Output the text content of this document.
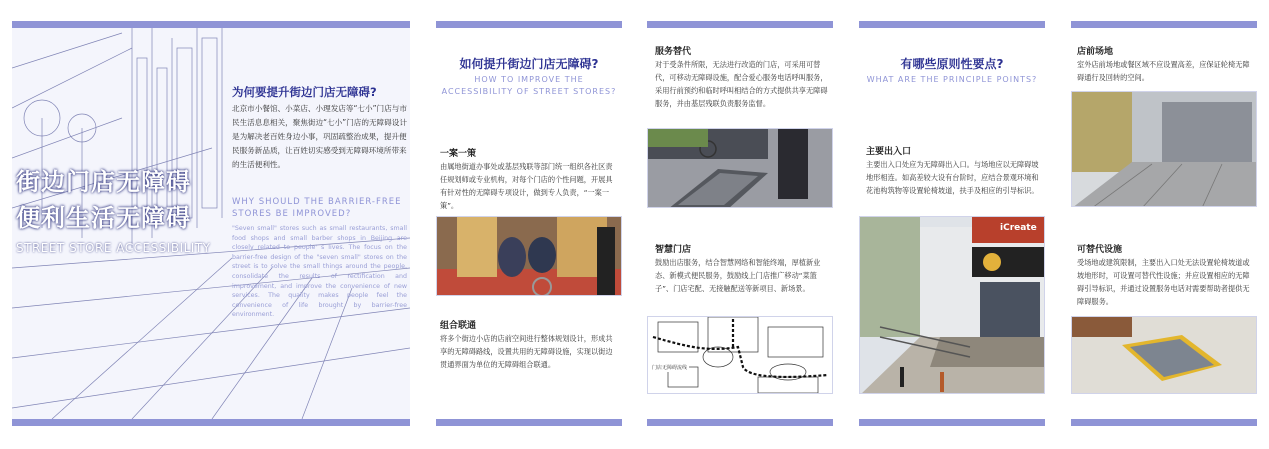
街边门店无障碍
便利生活无障碍
STREET STORE ACCESSIBILITY
为何要提升街边门店无障碍?
北京市小餐馆、小菜店、小理发店等“七小”门店与市民生活息息相关，聚焦街边“七小”门店的无障碍设计是为解决老百姓身边小事，巩固疏整治成果，提升便民服务新品质，让百姓切实感受到无障碍环境所带来的生活便利性。
WHY SHOULD THE BARRIER-FREE STORES BE IMPROVED?
"Seven small" stores such as small restaurants, small food shops and small barber shops in Beijing are closely related to people' s lives. The focus on the barrier-free design of the "seven small" stores on the street is to solve the small things around the people, consolidate the results of rectification and improvement, and improve the convenience of new services. The quality makes people feel the convenience of life brought by barrier-free environment.
如何提升街边门店无障碍?
HOW TO IMPROVE THE ACCESSIBILITY OF STREET STORES?
一案一策
由属地街道办事处或基层残联等部门统一组织各社区责任规划师或专业机构，对每个门店的个性问题，开展具有针对性的无障碍专项设计，做到专人负责，“一案一策”。
组合联通
将多个街边小店的店前空间进行整体规划设计，形成共享的无障碍路线，设置共用的无障碍设施，实现以街边贯通界面为单位的无障碍组合联通。
服务替代
对于受条件所限，无法进行改造的门店，可采用可替代，可移动无障碍设施，配合爱心服务电话呼叫服务，采用行前预约和临时呼叫相结合的方式提供共享无障碍服务，并由基层残联负责服务监督。
智慧门店
鼓励出店服务，结合智慧网络和智能终端，厚植新业态、新模式便民服务，鼓励线上门店推广移动“菜篮子”、门店宅配、无接触配送等新项目、新场景。
门店无障碍流线
有哪些原则性要点?
WHAT ARE THE PRINCIPLE POINTS?
主要出入口
主要出入口处应为无障碍出入口。与场地应以无障碍坡地形相连。如高差较大设有台阶时，应结合景观环境和花池构筑物等设置轮椅坡道，扶手及相应的引导标识。
iCreate
店前场地
室外店前场地或餐区域不应设置高差，应保证轮椅无障碍通行及回转的空间。
可替代设施
受场地或建筑限制，主要出入口处无法设置轮椅坡道或坡地形时，可设置可替代性设施；并应设置相应的无障碍引导标识，并通过设置服务电话对需要帮助者提供无障碍服务。
